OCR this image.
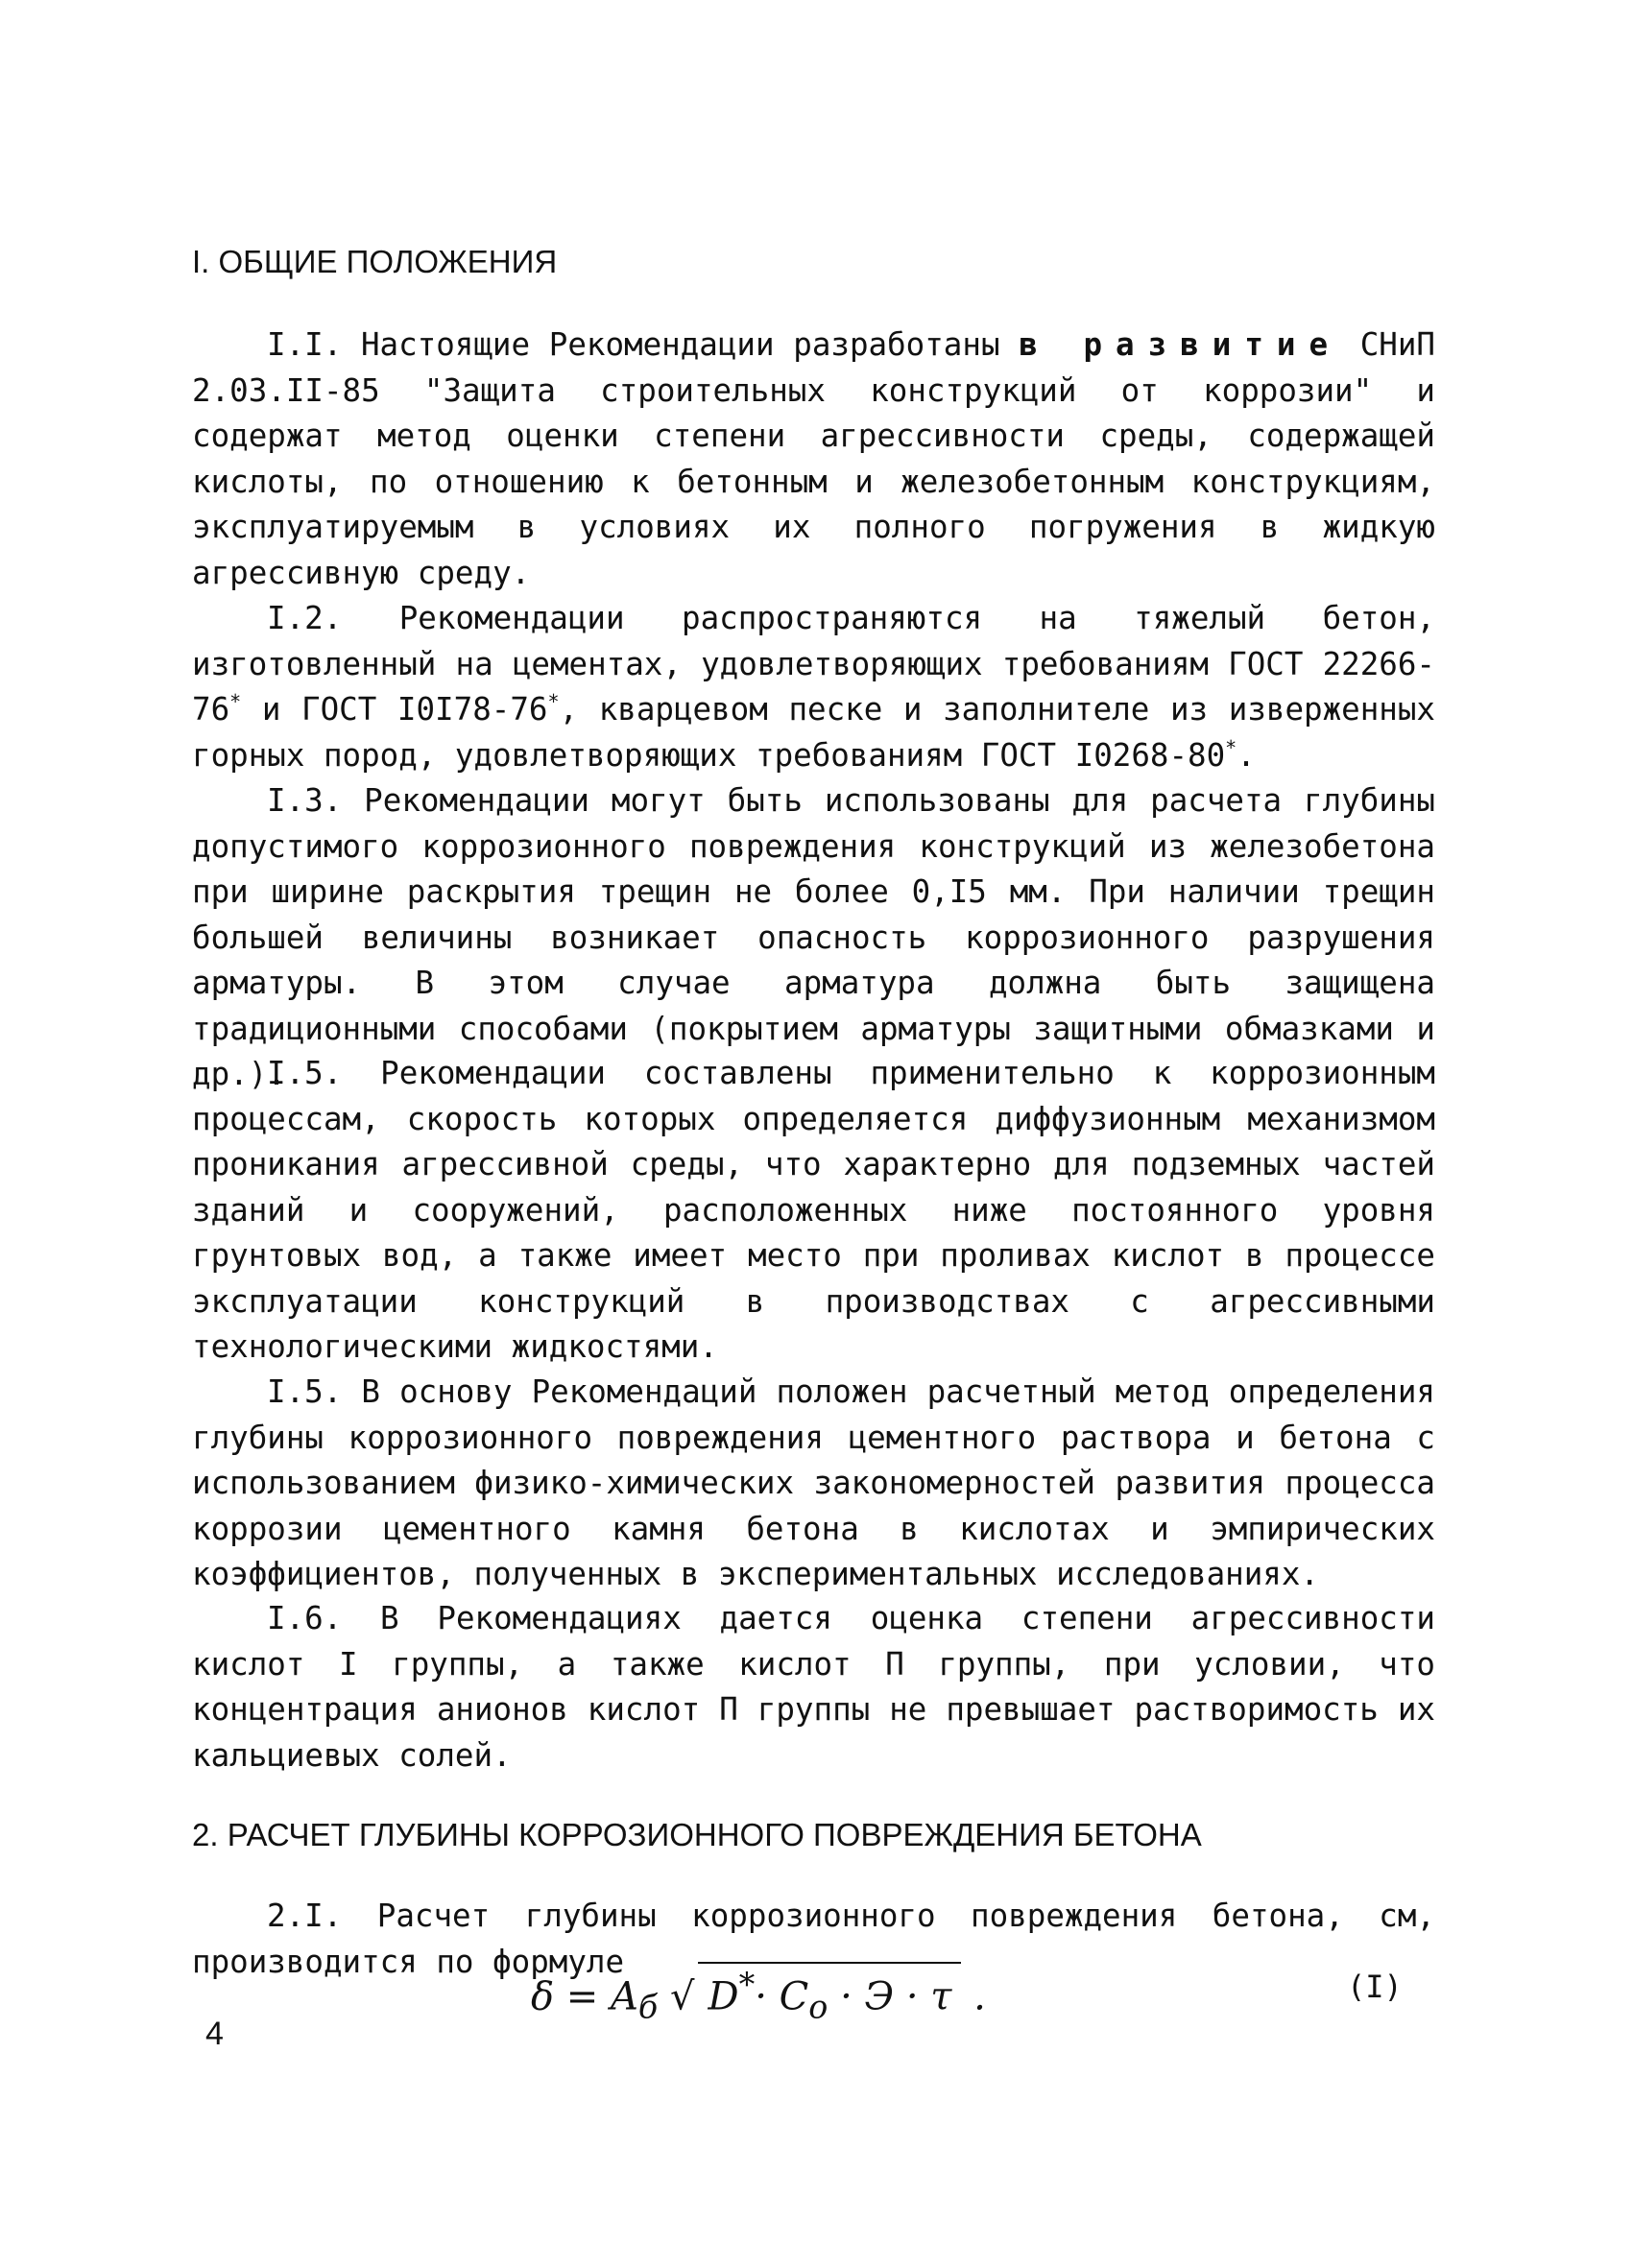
I. ОБЩИЕ ПОЛОЖЕНИЯ
I.I. Настоящие Рекомендации разработаны в развитие СНиП 2.03.II-85 "Защита строительных конструкций от коррозии" и содержат метод оценки степени агрессивности среды, содержащей кислоты, по отношению к бетонным и железобетонным конструкциям, эксплуатируемым в условиях их полного погружения в жидкую агрессивную среду.
I.2. Рекомендации распространяются на тяжелый бетон, изготовленный на цементах, удовлетворяющих требованиям ГОСТ 22266-76* и ГОСТ I0I78-76*, кварцевом песке и заполнителе из изверженных горных пород, удовлетворяющих требованиям ГОСТ I0268-80*.
I.3. Рекомендации могут быть использованы для расчета глубины допустимого коррозионного повреждения конструкций из железобетона при ширине раскрытия трещин не более 0,I5 мм. При наличии трещин большей величины возникает опасность коррозионного разрушения арматуры. В этом случае арматура должна быть защищена традиционными способами (покрытием арматуры защитными обмазками и др.).
I.5. Рекомендации составлены применительно к коррозионным процессам, скорость которых определяется диффузионным механизмом проникания агрессивной среды, что характерно для подземных частей зданий и сооружений, расположенных ниже постоянного уровня грунтовых вод, а также имеет место при проливах кислот в процессе эксплуатации конструкций в производствах с агрессивными технологическими жидкостями.
I.5. В основу Рекомендаций положен расчетный метод определения глубины коррозионного повреждения цементного раствора и бетона с использованием физико-химических закономерностей развития процесса коррозии цементного камня бетона в кислотах и эмпирических коэффициентов, полученных в экспериментальных исследованиях.
I.6. В Рекомендациях дается оценка степени агрессивности кислот I группы, а также кислот П группы, при условии, что концентрация анионов кислот П группы не превышает растворимость их кальциевых солей.
2. РАСЧЕТ ГЛУБИНЫ КОРРОЗИОННОГО ПОВРЕЖДЕНИЯ БЕТОНА
2.I. Расчет глубины коррозионного повреждения бетона, см, производится по формуле
$\delta = A_б$ √ $D^*\cdot C_o \cdot Э \cdot \tau$ .	(I)
4
